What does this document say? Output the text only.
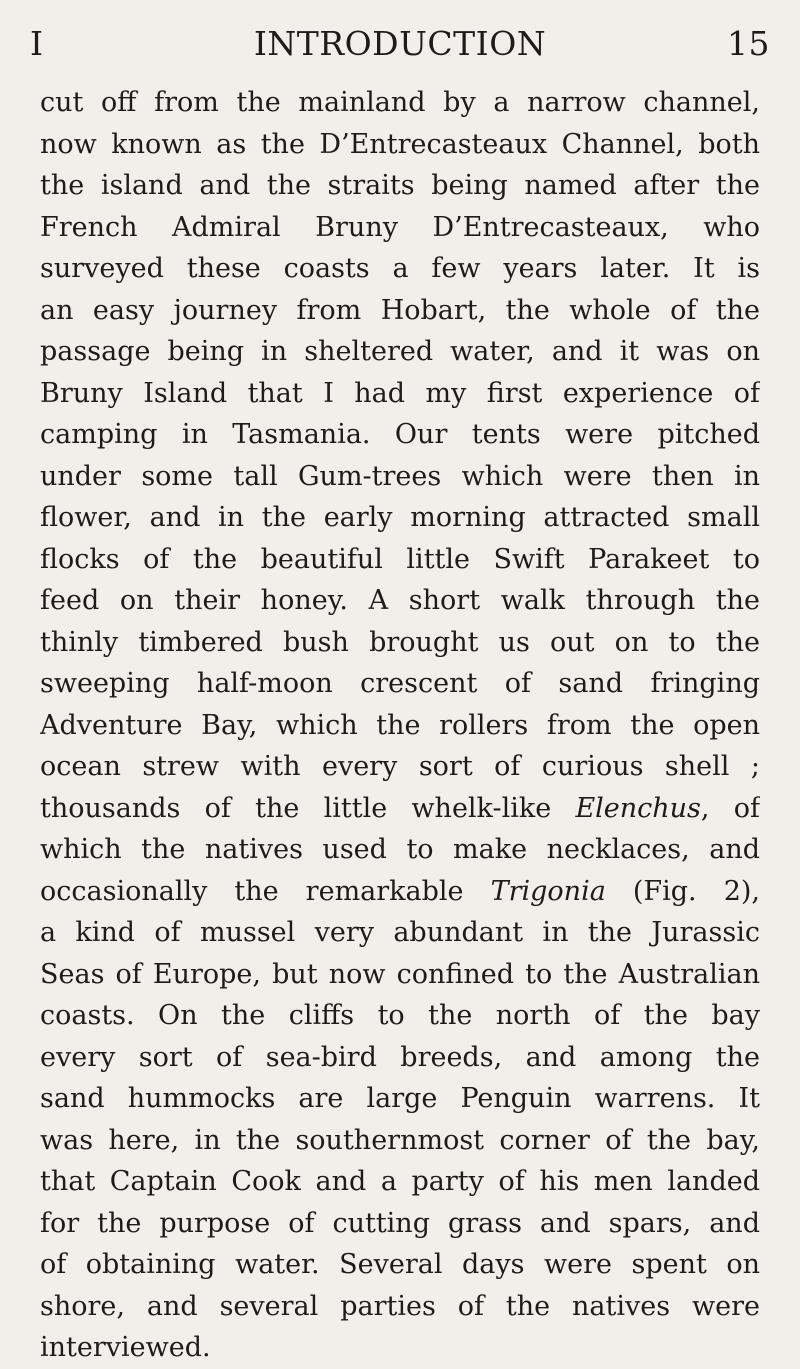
I	INTRODUCTION	15
cut off from the mainland by a narrow channel,
now known as the D’Entrecasteaux Channel, both
the island and the straits being named after the
French Admiral Bruny D’Entrecasteaux, who
surveyed these coasts a few years later. It is
an easy journey from Hobart, the whole of the
passage being in sheltered water, and it was on
Bruny Island that I had my first experience of
camping in Tasmania. Our tents were pitched
under some tall Gum-trees which were then in
flower, and in the early morning attracted small
flocks of the beautiful little Swift Parakeet to
feed on their honey. A short walk through the
thinly timbered bush brought us out on to the
sweeping half-moon crescent of sand fringing
Adventure Bay, which the rollers from the open
ocean strew with every sort of curious shell ;
thousands of the little whelk-like Elenchus, of
which the natives used to make necklaces, and
occasionally the remarkable Trigonia (Fig. 2),
a kind of mussel very abundant in the Jurassic
Seas of Europe, but now confined to the Australian
coasts. On the cliffs to the north of the bay
every sort of sea-bird breeds, and among the
sand hummocks are large Penguin warrens. It
was here, in the southernmost corner of the bay,
that Captain Cook and a party of his men landed
for the purpose of cutting grass and spars, and
of obtaining water. Several days were spent on
shore, and several parties of the natives were
interviewed.
